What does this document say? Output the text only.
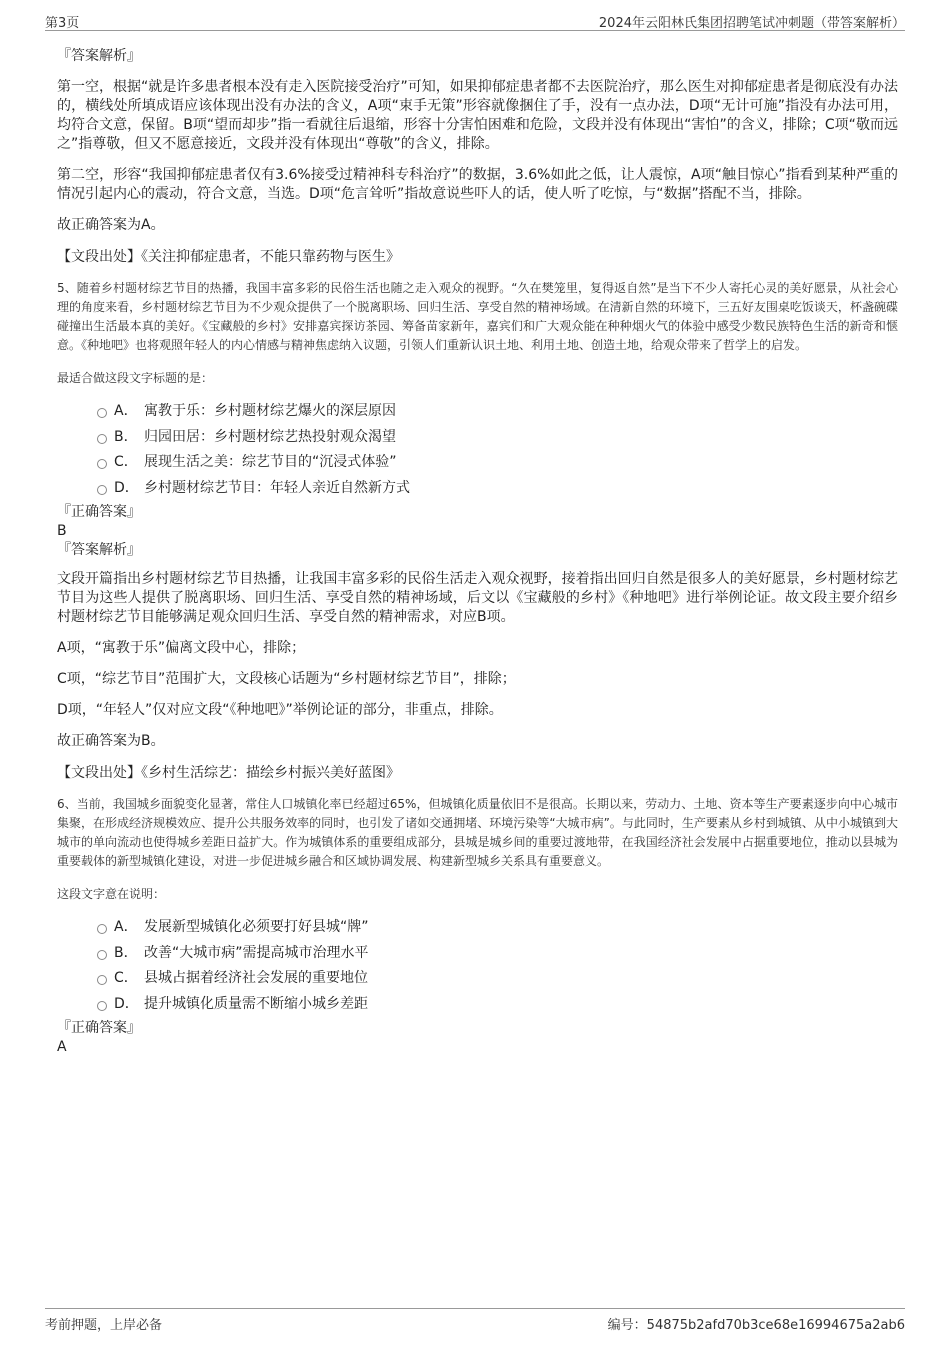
第3页	2024年云阳林氏集团招聘笔试冲刺题（带答案解析）

『答案解析』

第一空，根据“就是许多患者根本没有走入医院接受治疗”可知，如果抑郁症患者都不去医院治疗，那么医生对抑郁症患者是彻底没有办法的，横线处所填成语应该体现出没有办法的含义，A项“束手无策”形容就像捆住了手，没有一点办法，D项“无计可施”指没有办法可用，均符合文意，保留。B项“望而却步”指一看就往后退缩，形容十分害怕困难和危险，文段并没有体现出“害怕”的含义，排除；C项“敬而远之”指尊敬，但又不愿意接近，文段并没有体现出“尊敬”的含义，排除。

第二空，形容“我国抑郁症患者仅有3.6%接受过精神科专科治疗”的数据，3.6%如此之低，让人震惊，A项“触目惊心”指看到某种严重的情况引起内心的震动，符合文意，当选。D项“危言耸听”指故意说些吓人的话，使人听了吃惊，与“数据”搭配不当，排除。

故正确答案为A。

【文段出处】《关注抑郁症患者，不能只靠药物与医生》

5、随着乡村题材综艺节目的热播，我国丰富多彩的民俗生活也随之走入观众的视野。“久在樊笼里，复得返自然”是当下不少人寄托心灵的美好愿景，从社会心理的角度来看，乡村题材综艺节目为不少观众提供了一个脱离职场、回归生活、享受自然的精神场域。在清新自然的环境下，三五好友围桌吃饭谈天，杯盏碗碟碰撞出生活最本真的美好。《宝藏般的乡村》安排嘉宾探访茶园、筹备苗家新年，嘉宾们和广大观众能在种种烟火气的体验中感受少数民族特色生活的新奇和惬意。《种地吧》也将观照年轻人的内心情感与精神焦虑纳入议题，引领人们重新认识土地、利用土地、创造土地，给观众带来了哲学上的启发。

最适合做这段文字标题的是：

A． 寓教于乐：乡村题材综艺爆火的深层原因
B． 归园田居：乡村题材综艺热投射观众渴望
C． 展现生活之美：综艺节目的“沉浸式体验”
D． 乡村题材综艺节目：年轻人亲近自然新方式

『正确答案』

B

『答案解析』

文段开篇指出乡村题材综艺节目热播，让我国丰富多彩的民俗生活走入观众视野，接着指出回归自然是很多人的美好愿景，乡村题材综艺节目为这些人提供了脱离职场、回归生活、享受自然的精神场域，后文以《宝藏般的乡村》《种地吧》进行举例论证。故文段主要介绍乡村题材综艺节目能够满足观众回归生活、享受自然的精神需求，对应B项。

A项，“寓教于乐”偏离文段中心，排除；

C项，“综艺节目”范围扩大，文段核心话题为“乡村题材综艺节目”，排除；

D项，“年轻人”仅对应文段“《种地吧》”举例论证的部分，非重点，排除。

故正确答案为B。

【文段出处】《乡村生活综艺：描绘乡村振兴美好蓝图》

6、当前，我国城乡面貌变化显著，常住人口城镇化率已经超过65%，但城镇化质量依旧不是很高。长期以来，劳动力、土地、资本等生产要素逐步向中心城市集聚，在形成经济规模效应、提升公共服务效率的同时，也引发了诸如交通拥堵、环境污染等“大城市病”。与此同时，生产要素从乡村到城镇、从中小城镇到大城市的单向流动也使得城乡差距日益扩大。作为城镇体系的重要组成部分，县城是城乡间的重要过渡地带，在我国经济社会发展中占据重要地位，推动以县城为重要载体的新型城镇化建设，对进一步促进城乡融合和区域协调发展、构建新型城乡关系具有重要意义。

这段文字意在说明：

A． 发展新型城镇化必须要打好县城“牌”
B． 改善“大城市病”需提高城市治理水平
C． 县城占据着经济社会发展的重要地位
D． 提升城镇化质量需不断缩小城乡差距

『正确答案』

A

考前押题，上岸必备	编号：54875b2afd70b3ce68e16994675a2ab6
